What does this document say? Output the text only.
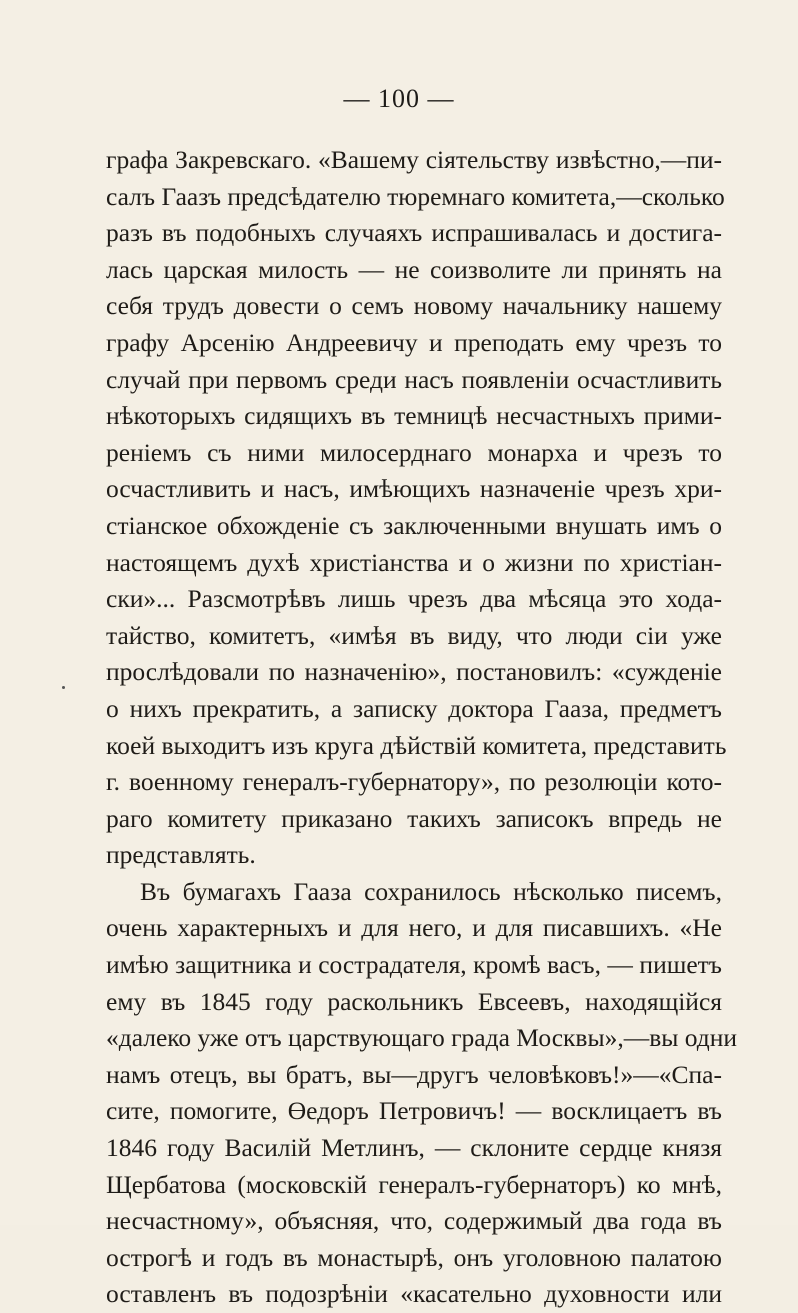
— 100 —
графа Закревскаго. «Вашему сіятельству извѣстно,—пи-
салъ Гаазъ предсѣдателю тюремнаго комитета,—сколько
разъ въ подобныхъ случаяхъ испрашивалась и достига-
лась царская милость — не соизволите ли принять на
себя трудъ довести о семъ новому начальнику нашему
графу Арсенію Андреевичу и преподать ему чрезъ то
случай при первомъ среди насъ появленіи осчастливить
нѣкоторыхъ сидящихъ въ темницѣ несчастныхъ прими-
реніемъ съ ними милосерднаго монарха и чрезъ то
осчастливить и насъ, имѣющихъ назначеніе чрезъ хри-
стіанское обхожденіе съ заключенными внушать имъ о
настоящемъ духѣ христіанства и о жизни по христіан-
ски»... Разсмотрѣвъ лишь чрезъ два мѣсяца это хода-
тайство, комитетъ, «имѣя въ виду, что люди сіи уже
прослѣдовали по назначенію», постановилъ: «сужденіе
о нихъ прекратить, а записку доктора Гааза, предметъ
коей выходитъ изъ круга дѣйствій комитета, представить
г. военному генералъ-губернатору», по резолюціи кото-
раго комитету приказано такихъ записокъ впредь не
представлять.
Въ бумагахъ Гааза сохранилось нѣсколько писемъ,
очень характерныхъ и для него, и для писавшихъ. «Не
имѣю защитника и сострадателя, кромѣ васъ, — пишетъ
ему въ 1845 году раскольникъ Евсеевъ, находящійся
«далеко уже отъ царствующаго града Москвы»,—вы одни
намъ отецъ, вы братъ, вы—другъ человѣковъ!»—«Спа-
сите, помогите, Өедоръ Петровичъ! — восклицаетъ въ
1846 году Василій Метлинъ, — склоните сердце князя
Щербатова (московскій генералъ-губернаторъ) ко мнѣ,
несчастному», объясняя, что, содержимый два года въ
острогѣ и годъ въ монастырѣ, онъ уголовною палатою
оставленъ въ подозрѣніи «касательно духовности или
